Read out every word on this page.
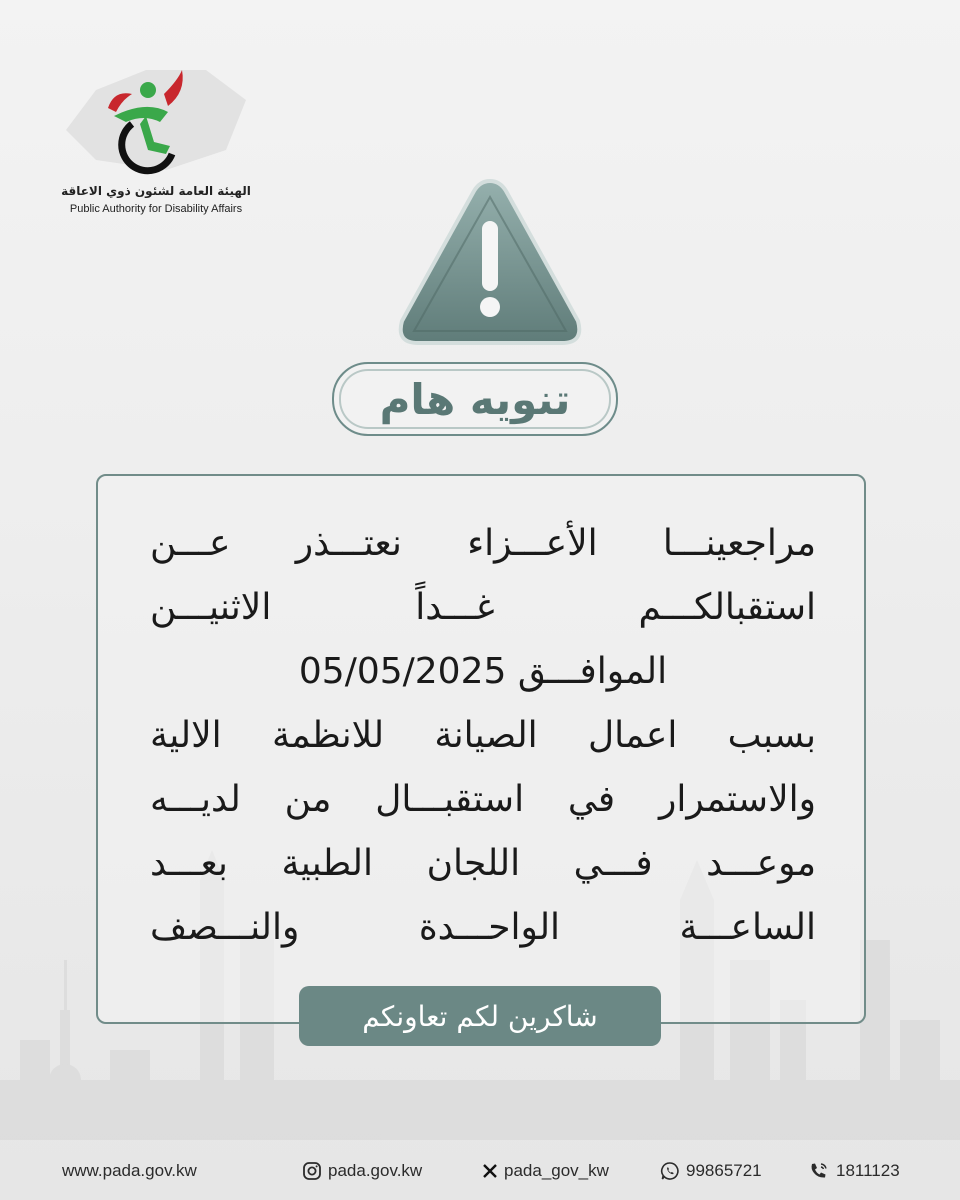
الهيئة العامة لشئون ذوي الاعاقة
Public Authority for Disability Affairs
تنويه هام
مراجعينـــا الأعـــزاء نعتـــذر عـــن
استقبالكـــم غـــداً الاثنيـــن
الموافـــق 05/05/2025
بسبب اعمال الصيانة للانظمة الالية
والاستمرار في استقبـــال من لديـــه
موعـــد فـــي اللجان الطبية بعـــد
الساعـــة الواحـــدة والنـــصف
شاكرين لكم تعاونكم
www.pada.gov.kw	pada.gov.kw	pada_gov_kw	99865721	1811123
